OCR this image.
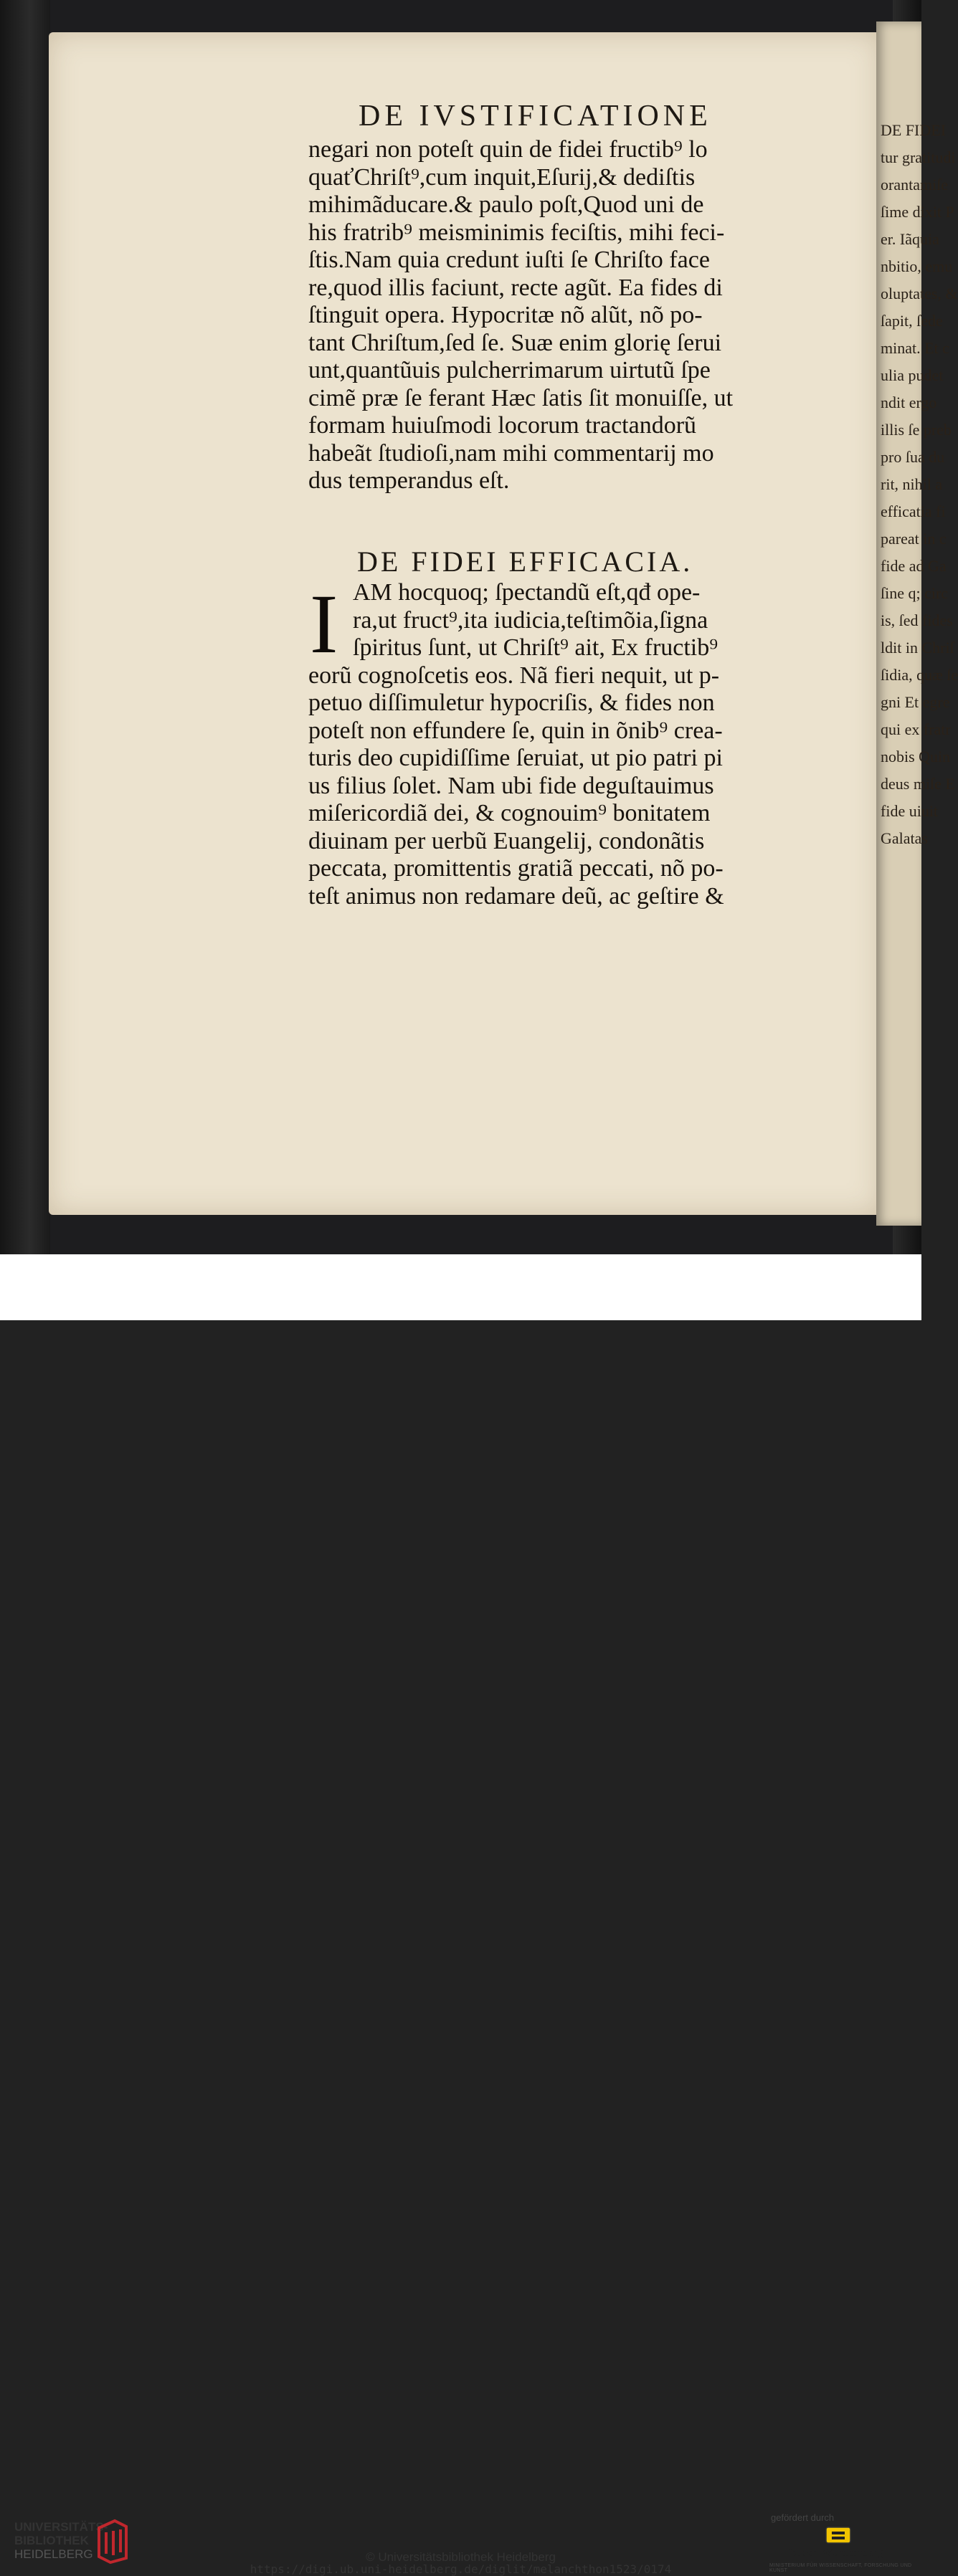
DE FIDEI
tur gratitudi
orantamiſe
ſime dixit P
er. Iãquia
nbitio, emu
oluptates, &
ſapit, ſede
minat. Et c
ulia pudet
ndit ergo
illis ſe preb
pro ſua du
rit, nihil a
efficatia fi
pareat in c
fide ad Ga
ſine q; circ
is, ſed fides
ldit in Chriſ
ſidia, quæ ſe
gni Et egre
qui ex fratr
nobis Quin
deus miſe E
fide uiuit
Galatas
DE IVSTIFICATIONE
negari non poteſt quin de fidei fructib⁹ lo
quaťChriſt⁹,cum inquit,Eſurij,& dediſtis
mihimãducare.& paulo poſt,Quod uni de
his fratrib⁹ meisminimis feciſtis, mihi feci-
ſtis.Nam quia credunt iuſti ſe Chriſto face
re,quod illis faciunt, recte agũt. Ea fides di
ſtinguit opera. Hypocritæ nõ alũt, nõ po-
tant Chriſtum,ſed ſe. Suæ enim glorię ſerui
unt,quantũuis pulcherrimarum uirtutũ ſpe
cimẽ præ ſe ferant Hæc ſatis ſit monuiſſe, ut
formam huiuſmodi locorum tractandorũ
habeãt ſtudioſi,nam mihi commentarij mo
dus temperandus eſt.
DE FIDEI EFFICACIA.
I AM hocquoq; ſpectandũ eſt,qđ ope-
ra,ut fruct⁹,ita iudicia,teſtimõia,ſigna
ſpiritus ſunt, ut Chriſt⁹ ait, Ex fructib⁹
eorũ cognoſcetis eos. Nã fieri nequit, ut p-
petuo diſſimuletur hypocriſis, & fides non
poteſt non effundere ſe, quin in õnib⁹ crea-
turis deo cupidiſſime ſeruiat, ut pio patri pi
us filius ſolet. Nam ubi fide deguſtauimus
miſericordiã dei, & cognouim⁹ bonitatem
diuinam per uerbũ Euangelij, condonãtis
peccata, promittentis gratiã peccati, nõ po-
teſt animus non redamare deũ, ac geſtire &
UNIVERSITÄTS-
BIBLIOTHEK
HEIDELBERG	© Universitätsbibliothek Heidelberg
https://digi.ub.uni-heidelberg.de/diglit/melanchthon1523/0174
gefördert durch
Baden-Württemberg
MINISTERIUM FÜR WISSENSCHAFT, FORSCHUNG UND KUNST
